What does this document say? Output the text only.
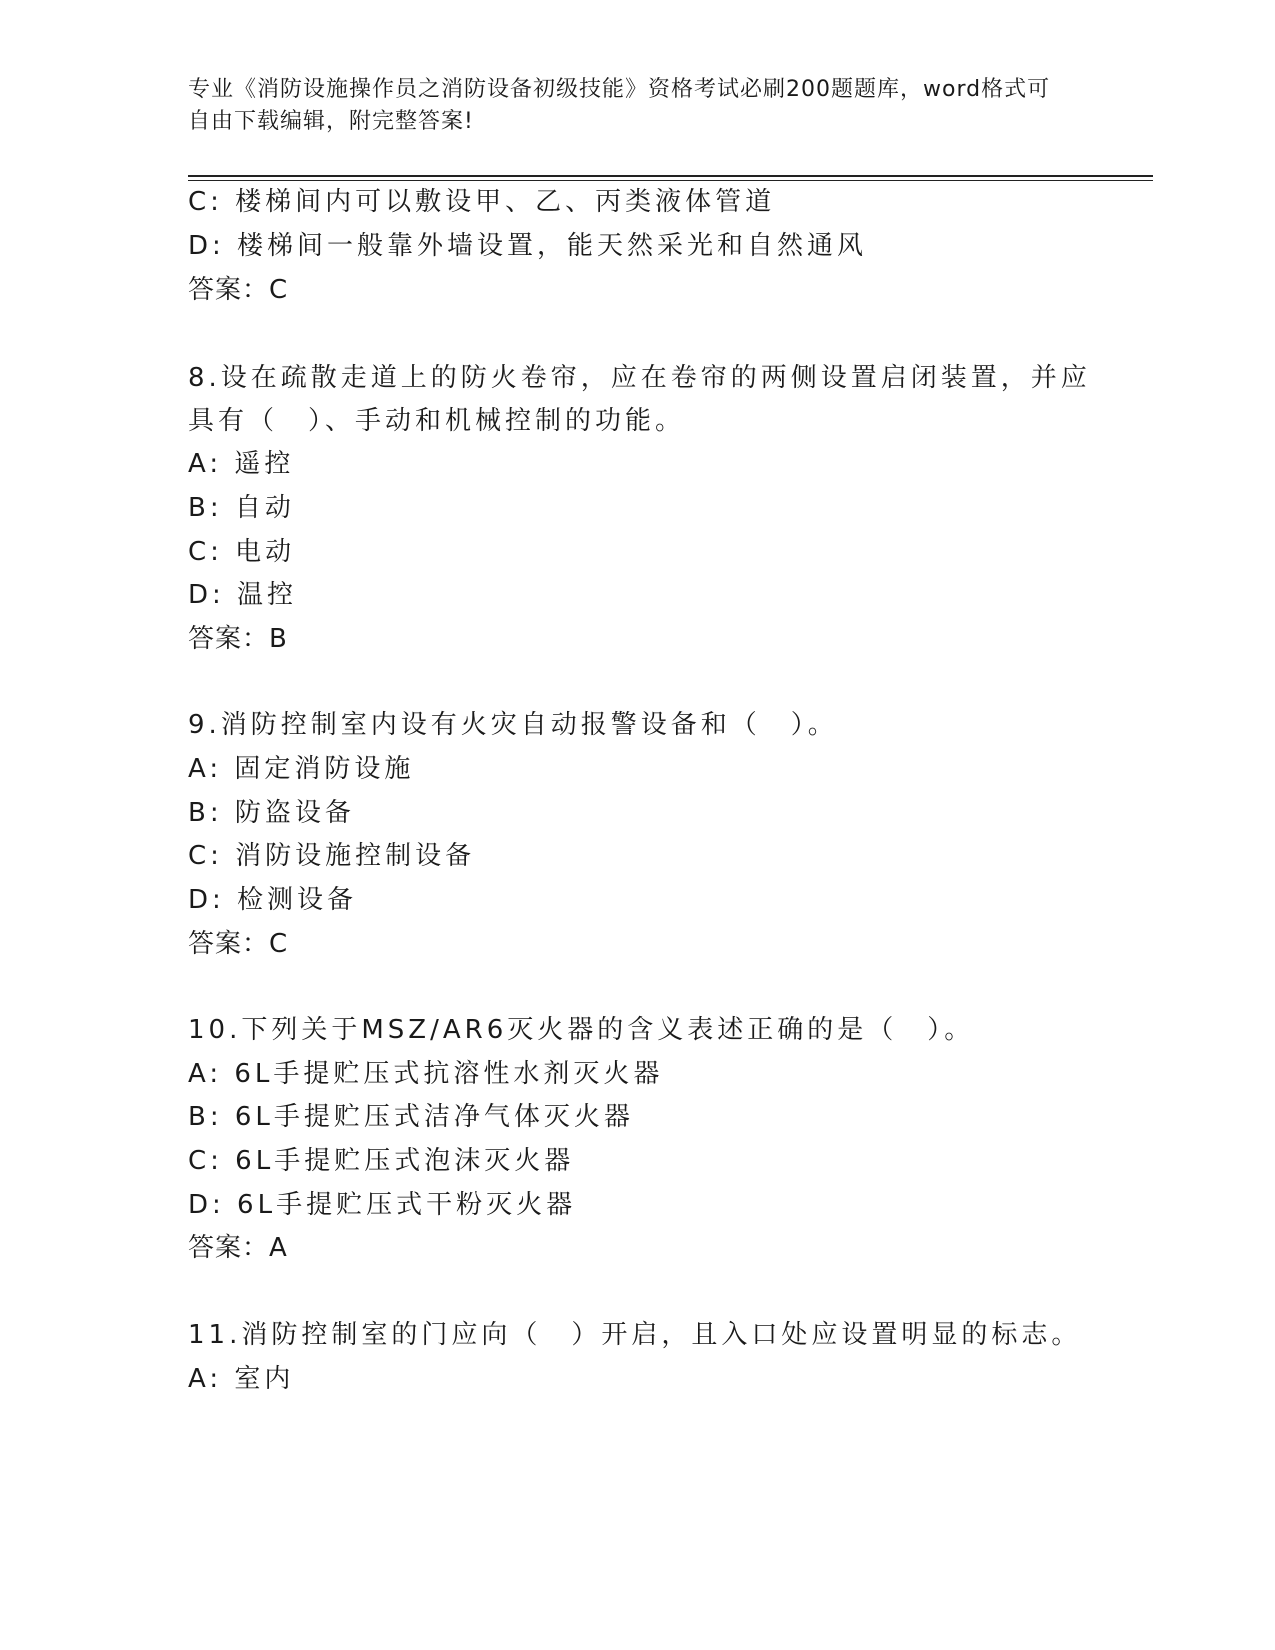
专业《消防设施操作员之消防设备初级技能》资格考试必刷200题题库，word格式可自由下载编辑，附完整答案!
C: 楼梯间内可以敷设甲、乙、丙类液体管道
D: 楼梯间一般靠外墙设置，能天然采光和自然通风
答案：C
8.设在疏散走道上的防火卷帘，应在卷帘的两侧设置启闭装置，并应
具有（　）、手动和机械控制的功能。
A: 遥控
B: 自动
C: 电动
D: 温控
答案：B
9.消防控制室内设有火灾自动报警设备和（　）。
A: 固定消防设施
B: 防盗设备
C: 消防设施控制设备
D: 检测设备
答案：C
10.下列关于MSZ/AR6灭火器的含义表述正确的是（　）。
A: 6L手提贮压式抗溶性水剂灭火器
B: 6L手提贮压式洁净气体灭火器
C: 6L手提贮压式泡沫灭火器
D: 6L手提贮压式干粉灭火器
答案：A
11.消防控制室的门应向（　）开启，且入口处应设置明显的标志。
A: 室内
